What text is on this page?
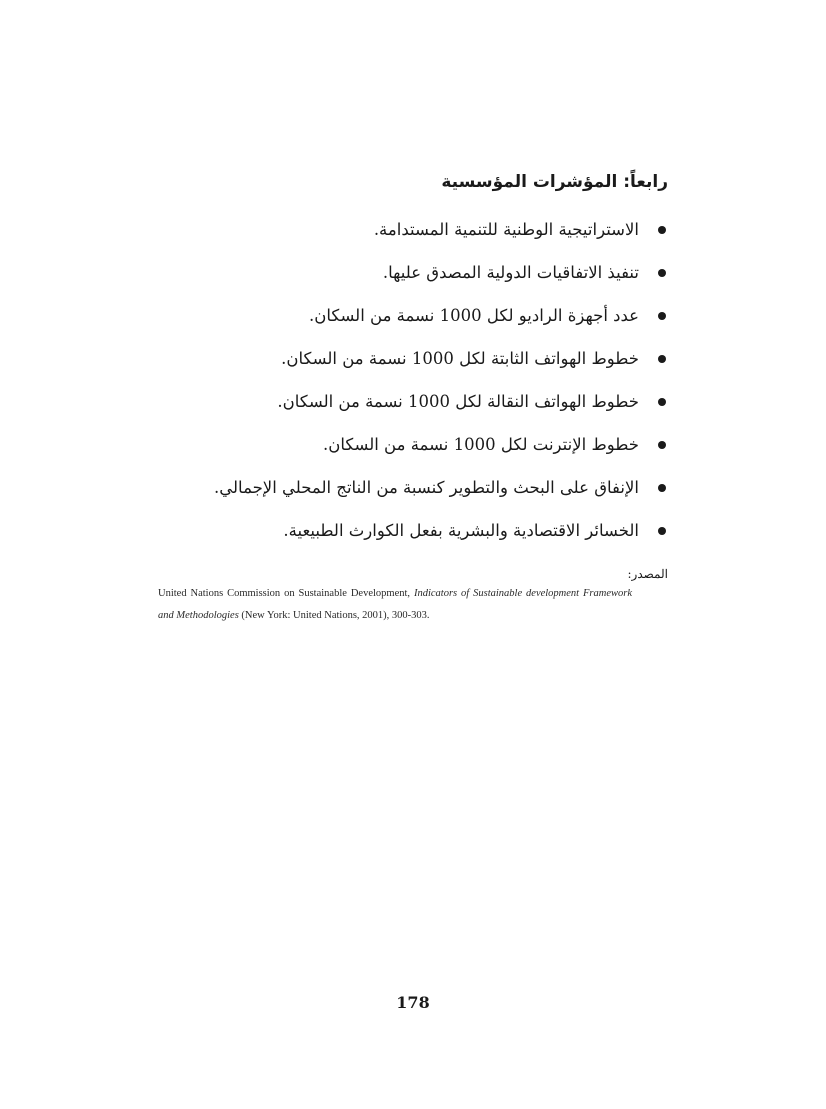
رابعاً: المؤشرات المؤسسية
الاستراتيجية الوطنية للتنمية المستدامة.
تنفيذ الاتفاقيات الدولية المصدق عليها.
عدد أجهزة الراديو لكل 1000 نسمة من السكان.
خطوط الهواتف الثابتة لكل 1000 نسمة من السكان.
خطوط الهواتف النقالة لكل 1000 نسمة من السكان.
خطوط الإنترنت لكل 1000 نسمة من السكان.
الإنفاق على البحث والتطوير كنسبة من الناتج المحلي الإجمالي.
الخسائر الاقتصادية والبشرية بفعل الكوارث الطبيعية.
المصدر:
United Nations Commission on Sustainable Development, Indicators of Sustainable development Framework and Methodologies (New York: United Nations, 2001), 300-303.
178
